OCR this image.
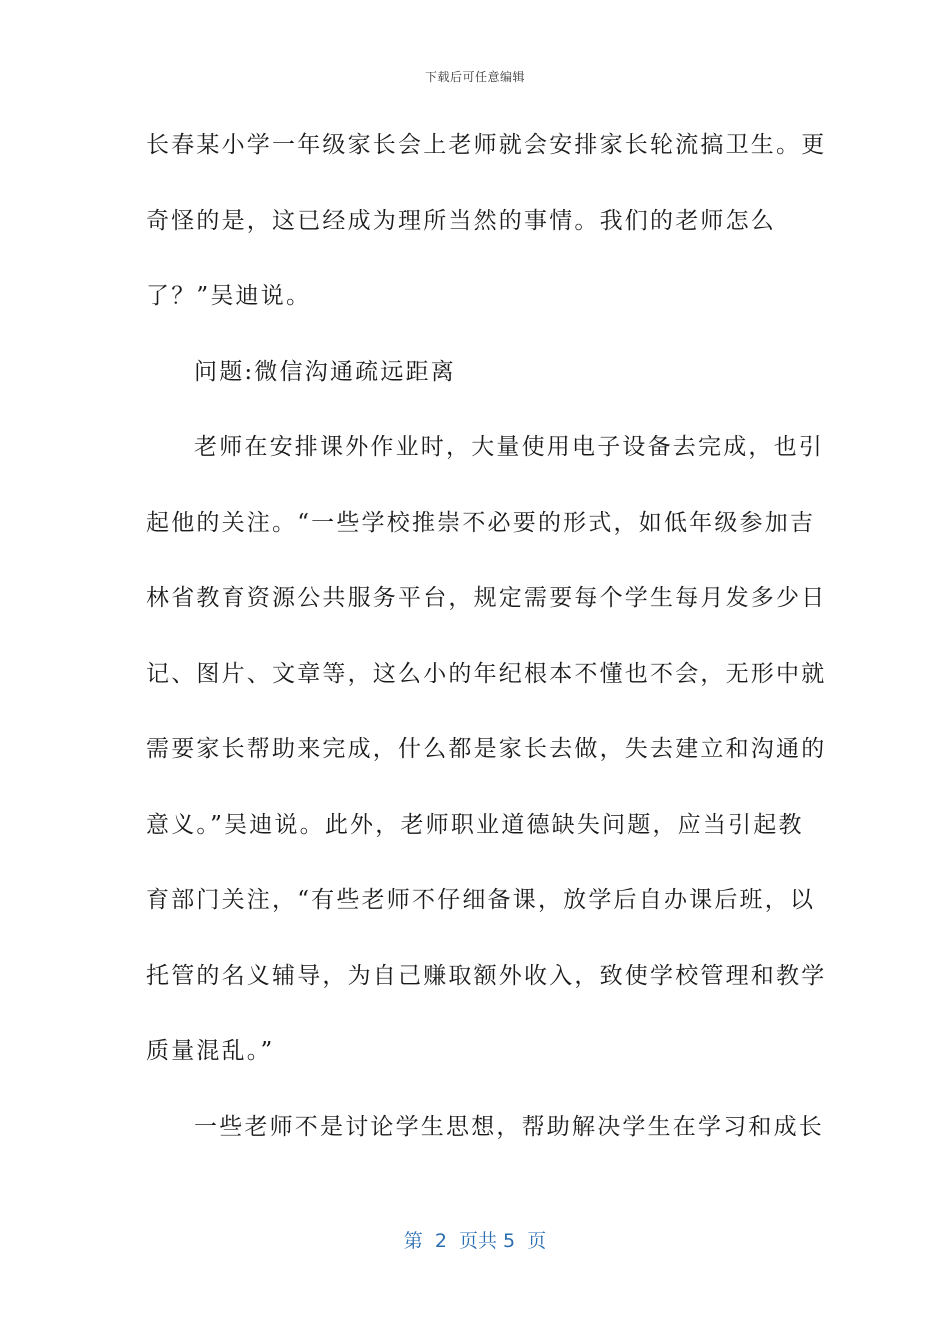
下载后可任意编辑
长春某小学一年级家长会上老师就会安排家长轮流搞卫生。更
奇怪的是，这已经成为理所当然的事情。我们的老师怎么
了？”吴迪说。
问题:微信沟通疏远距离
老师在安排课外作业时，大量使用电子设备去完成，也引
起他的关注。“一些学校推崇不必要的形式，如低年级参加吉
林省教育资源公共服务平台，规定需要每个学生每月发多少日
记、图片、文章等，这么小的年纪根本不懂也不会，无形中就
需要家长帮助来完成，什么都是家长去做，失去建立和沟通的
意义。”吴迪说。此外，老师职业道德缺失问题，应当引起教
育部门关注，“有些老师不仔细备课，放学后自办课后班，以
托管的名义辅导，为自己赚取额外收入，致使学校管理和教学
质量混乱。”
一些老师不是讨论学生思想，帮助解决学生在学习和成长
第  2  页共 5  页
